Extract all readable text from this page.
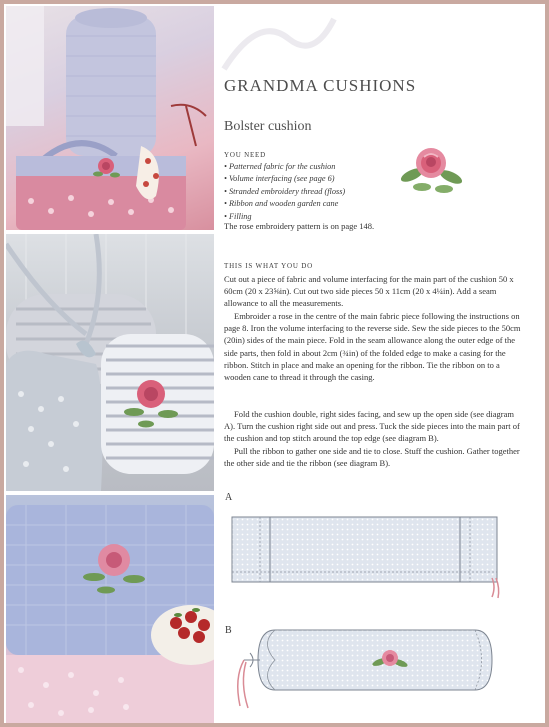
GRANDMA CUSHIONS
Bolster cushion

YOU NEED

• Patterned fabric for the cushion
• Volume interfacing (see page 6)
• Stranded embroidery thread (floss)
• Ribbon and wooden garden cane
• Filling

The rose embroidery pattern is on page 148.

THIS IS WHAT YOU DO

Cut out a piece of fabric and volume interfacing for the main part of the cushion 50 x 60cm (20 x 23⅝in). Cut out two side pieces 50 x 11cm (20 x 4¼in). Add a seam allowance to all the measurements.

Embroider a rose in the centre of the main fabric piece following the instructions on page 8. Iron the volume interfacing to the reverse side. Sew the side pieces to the 50cm (20in) sides of the main piece. Fold in the seam allowance along the outer edge of the side parts, then fold in about 2cm (¾in) of the folded edge to make a casing for the ribbon. Stitch in place and make an opening for the ribbon. Tie the ribbon on to a wooden cane to thread it through the casing.

Fold the cushion double, right sides facing, and sew up the open side (see diagram A). Turn the cushion right side out and press. Tuck the side pieces into the main part of the cushion and top stitch around the top edge (see diagram B).

Pull the ribbon to gather one side and tie to close. Stuff the cushion. Gather together the other side and tie the ribbon (see diagram B).

A

B
